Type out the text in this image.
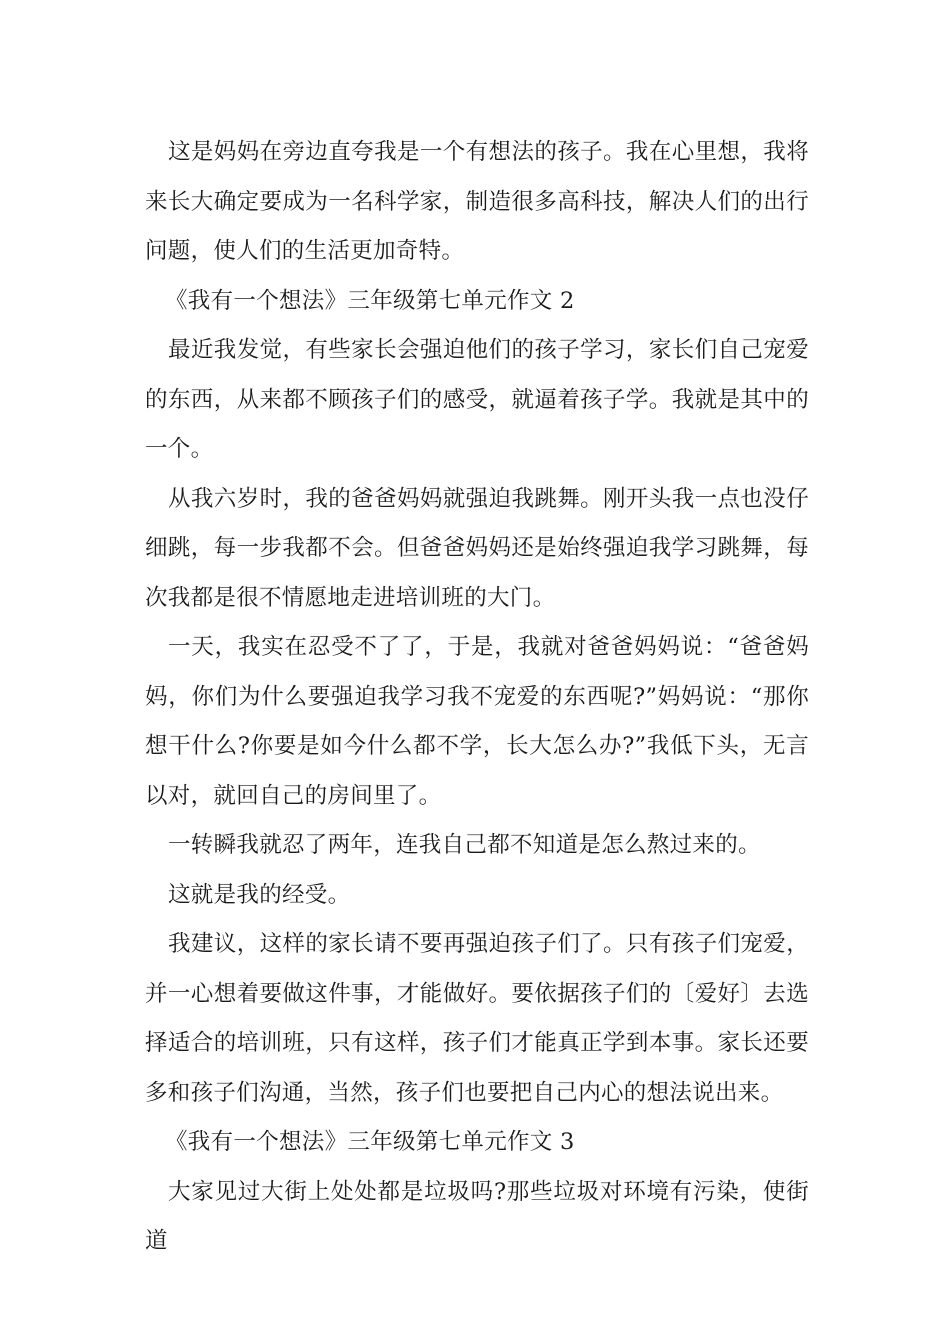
这是妈妈在旁边直夸我是一个有想法的孩子。我在心里想，我将来长大确定要成为一名科学家，制造很多高科技，解决人们的出行问题，使人们的生活更加奇特。

《我有一个想法》三年级第七单元作文 2

最近我发觉，有些家长会强迫他们的孩子学习，家长们自己宠爱的东西，从来都不顾孩子们的感受，就逼着孩子学。我就是其中的一个。

从我六岁时，我的爸爸妈妈就强迫我跳舞。刚开头我一点也没仔细跳，每一步我都不会。但爸爸妈妈还是始终强迫我学习跳舞，每次我都是很不情愿地走进培训班的大门。

一天，我实在忍受不了了，于是，我就对爸爸妈妈说：“爸爸妈妈，你们为什么要强迫我学习我不宠爱的东西呢?”妈妈说：“那你想干什么?你要是如今什么都不学，长大怎么办?”我低下头，无言以对，就回自己的房间里了。

一转瞬我就忍了两年，连我自己都不知道是怎么熬过来的。

这就是我的经受。

我建议，这样的家长请不要再强迫孩子们了。只有孩子们宠爱，并一心想着要做这件事，才能做好。要依据孩子们的〔爱好〕去选择适合的培训班，只有这样，孩子们才能真正学到本事。家长还要多和孩子们沟通，当然，孩子们也要把自己内心的想法说出来。

《我有一个想法》三年级第七单元作文 3

大家见过大街上处处都是垃圾吗?那些垃圾对环境有污染，使街道
